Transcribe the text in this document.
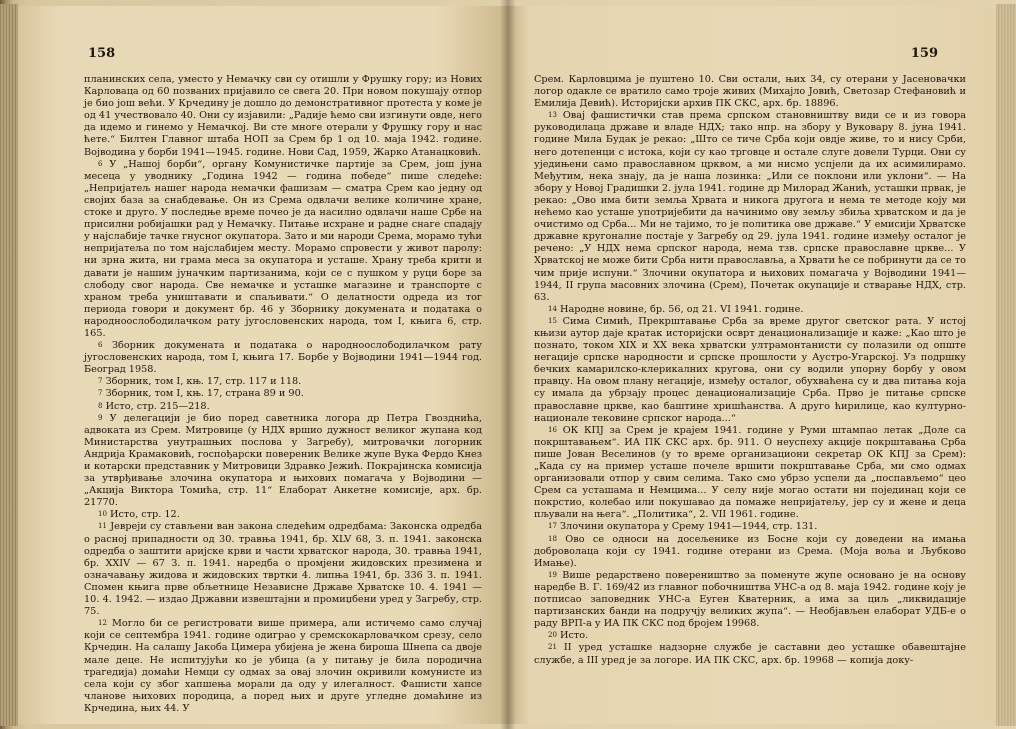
158

планинских села, уместо у Немачку сви су отишли у Фрушку гору; из Нових Карловаца од 60 позваних пријавило се свега 20. При новом покушају отпор је био још већи. У Крчедину је дошло до демонстративног протеста у коме је од 41 учествовало 40. Они су изјавили: „Радије ћемо сви изгинути овде, него да идемо и гинемо у Немачкој. Ви сте многе отерали у Фрушку гору и нас ћете.“ Билтен Главног штаба НОП за Срем бр 1 од 10. маја 1942. године. Војводина у борби 1941—1945. године. Нови Сад, 1959, Жарко Атанацковић.

$^6$ У „Нашој борби“, органу Комунистичке партије за Срем, још јуна месеца у уводнику „Година 1942 — година победе“ пише следеће: „Непријатељ нашег народа немачки фашизам — сматра Срем као једну од својих база за снабдевање. Он из Срема одвлачи велике количине хране, стоке и друго. У последње време почео је да насилно одвлачи наше Србе на присилни робијашки рад у Немачку. Питање исхране и радне снаге спадају у најслабије тачке гнусног окупатора. Зато и ми народи Срема, морамо тући непријатеља по том најслабијем месту. Морамо спровести у живот паролу: ни зрна жита, ни грама меса за окупатора и усташе. Храну треба крити и давати је нашим јуначким партизанима, који се с пушком у руци боре за слободу свог народа. Све немачке и усташке магазине и транспорте с храном треба уништавати и спаљивати.“ О делатности одреда из тог периода говори и документ бр. 46 у Зборнику докумената и података о народноослободилачком рату југословенских народа, том I, књига 6, стр. 165.

$^6$ Зборник докумената и података о народноослободилачком рату југословенских народа, том I, књига 17. Борбе у Војводини 1941—1944 год. Београд 1958.

$^7$ Зборник, том I, књ. 17, стр. 117 и 118.

$^7$ Зборник, том I, књ. 17, страна 89 и 90.

$^8$ Исто, стр. 215—218.

$^9$ У делегацији је био поред саветника логора др Петра Гвозднића, адвоката из Срем. Митровице (у НДХ вршио дужност великог жупана код Министарства унутрашњих послова у Загребу), митровачки логорник Андрија Крамаковић, госпођарски повереник Велике жупе Вука Фердо Кнез и котарски представник у Митровици Здравко Јежић. Покрајинска комисија за утврђивање злочина окупатора и њихових помагача у Војводини — „Акција Виктора Томића, стр. 11“ Елаборат Анкетне комисије, арх. бр. 21770.

$^{10}$ Исто, стр. 12.

$^{11}$ Јевреји су стављени ван закона следећим одредбама: Законска одредба о расној припадности од 30. травња 1941, бр. XLV 68, З. п. 1941. законска одредба о заштити аријске крви и части хрватског народа, 30. травња 1941, бр. XXIV — 67 З. п. 1941. наредба о промјени жидовских презимена и означавању жидова и жидовских твртки 4. липња 1941, бр. 336 З. п. 1941. Спомен књига прве обљетнице Независне Државе Хрватске 10. 4. 1941 — 10. 4. 1942. — издао Државни извештајни и промиџбени уред у Загребу, стр. 75.

$^{12}$ Могло би се регистровати више примера, али истичемо само случај који се септембра 1941. године одиграо у сремскокарловачком срезу, село Крчедин. На салашу Јакоба Цимера убијена је жена бироша Шнепа са двоје мале деце. Не испитујући ко је убица (а у питању је била породична трагедија) домаћи Немци су одмах за овај злочин окривили комунисте из села који су због хапшења морали да оду у илегалност. Фашисти хапсе чланове њихових породица, а поред њих и друге угледне домаћине из Крчедина, њих 44. У

159

Срем. Карловцима је пуштено 10. Сви остали, њих 34, су отерани у Јасеновачки логор одакле се вратило само троје живих (Михајло Јовић, Светозар Стефановић и Емилија Девић). Историјски архив ПК СКС, арх. бр. 18896.

$^{13}$ Овај фашистички став према српском становништву види се и из говора руководилаца државе и владе НДХ; тако нпр. на збору у Вуковару 8. јуна 1941. године Мила Будак је рекао: „Што се тиче Срба који овдје живе, то и нису Срби, него дотепенци с истока, који су као трговце и остале слуге довели Турци. Они су уједињени само православном црквом, а ми нисмо успјели да их асимилирамо. Међутим, нека знају, да је наша лозинка: „Или се поклони или уклони“. — На збору у Новој Градишки 2. јула 1941. године др Милорад Жанић, усташки првак, је рекао: „Ово има бити земља Хрвата и никога другога и нема те методе коју ми нећемо као усташе употријебити да начинимо ову земљу збиља хрватском и да је очистимо од Срба... Ми не тајимо, то је политика ове државе.“ У емисији Хрватске државне кругоналне постаје у Загребу од 29. јула 1941. године између осталог је речено: „У НДХ нема српског народа, нема тзв. српске православне цркве... У Хрватској не може бити Срба нити православља, а Хрвати ће се побринути да се то чим прије испуни.“ Злочини окупатора и њихових помагача у Војводини 1941—1944, II група масовних злочина (Срем), Почетак окупације и стварање НДХ, стр. 63.

$^{14}$ Народне новине, бр. 56, од 21. VI 1941. године.

$^{15}$ Сима Симић, Прекрштавање Срба за време другог светског рата. У истој књизи аутор даје кратак историјски осврт денационализације и каже: „Као што је познато, током XIX и XX века хрватски ултрамонтанисти су полазили од опште негације српске народности и српске прошлости у Аустро-Угарској. Уз подршку бечких камарилско-клерикалних кругова, они су водили упорну борбу у овом правцу. На овом плану негације, између осталог, обухваћена су и два питања која су имала да убрзају процес денационализације Срба. Прво је питање српске православне цркве, као баштине хришћанства. А друго ћирилице, као културно-национале тековине српског народа...“

$^{16}$ ОК КПЈ за Срем је крајем 1941. године у Руми штампао летак „Доле са покрштавањем“. ИА ПК СКС арх. бр. 911. О неуспеху акције покрштавања Срба пише Јован Веселинов (у то време организациони секретар ОК КПЈ за Срем): „Када су на пример усташе почеле вршити покрштавање Срба, ми смо одмах организовали отпор у свим селима. Тако смо убрзо успели да „поспављемо“ цео Срем са усташама и Немцима... У селу није могао остати ни појединац који се покрстио, колебао или покушавао да помаже непријатељу, јер су и жене и деца пљували на њега“. „Политика“, 2. VII 1961. године.

$^{17}$ Злочини окупатора у Срему 1941—1944, стр. 131.

$^{18}$ Ово се односи на досељенике из Босне који су доведени на имања доброволаца који су 1941. године отерани из Срема. (Моја воља и Љубково Имање).

$^{19}$ Више редарствено повереништво за поменуте жупе основано је на основу наредбе В. Г. 169/42 из главног побочништва УНС-а од 8. маја 1942. године коју је потписао заповедник УНС-а Еуген Кватерник, а има за циљ „ликвидације партизанских банди на подручју великих жупа“. — Необјављен елаборат УДБ-е о раду ВРП-а у ИА ПК СКС под бројем 19968.

$^{20}$ Исто.

$^{21}$ II уред усташке надзорне службе је саставни део усташке обавештајне службе, а III уред је за логоре. ИА ПК СКС, арх. бр. 19968 — копија доку-
